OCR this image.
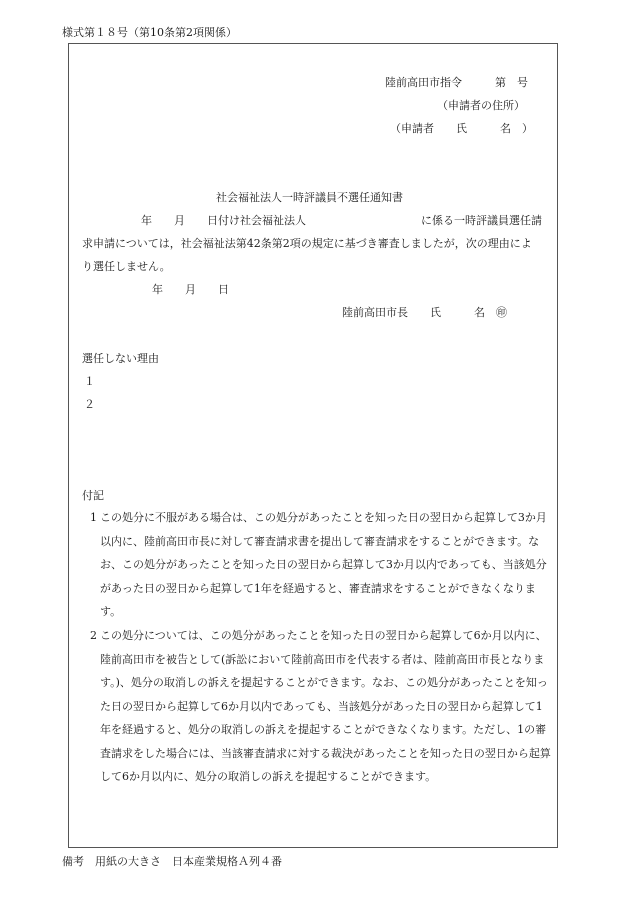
様式第１８号（第10条第2項関係）
陸前高田市指令　　　第　号
（申請者の住所）
（申請者　　氏　　　名　）
社会福祉法人一時評議員不選任通知書
年　　月　　日付け社会福祉法人	に係る一時評議員選任請
求申請については，社会福祉法第42条第2項の規定に基づき審査しましたが，次の理由によ
り選任しません。
年　　月　　日
陸前高田市長　　氏　　　名　㊞
選任しない理由
１
２
付記
1 この処分に不服がある場合は、この処分があったことを知った日の翌日から起算して3か月以内に、陸前高田市長に対して審査請求書を提出して審査請求をすることができます。なお、この処分があったことを知った日の翌日から起算して3か月以内であっても、当該処分があった日の翌日から起算して1年を経過すると、審査請求をすることができなくなります。
2 この処分については、この処分があったことを知った日の翌日から起算して6か月以内に、陸前高田市を被告として(訴訟において陸前高田市を代表する者は、陸前高田市長となります。)、処分の取消しの訴えを提起することができます。なお、この処分があったことを知った日の翌日から起算して6か月以内であっても、当該処分があった日の翌日から起算して1年を経過すると、処分の取消しの訴えを提起することができなくなります。ただし、1の審査請求をした場合には、当該審査請求に対する裁決があったことを知った日の翌日から起算して6か月以内に、処分の取消しの訴えを提起することができます。
備考　用紙の大きさ　日本産業規格Ａ列４番
